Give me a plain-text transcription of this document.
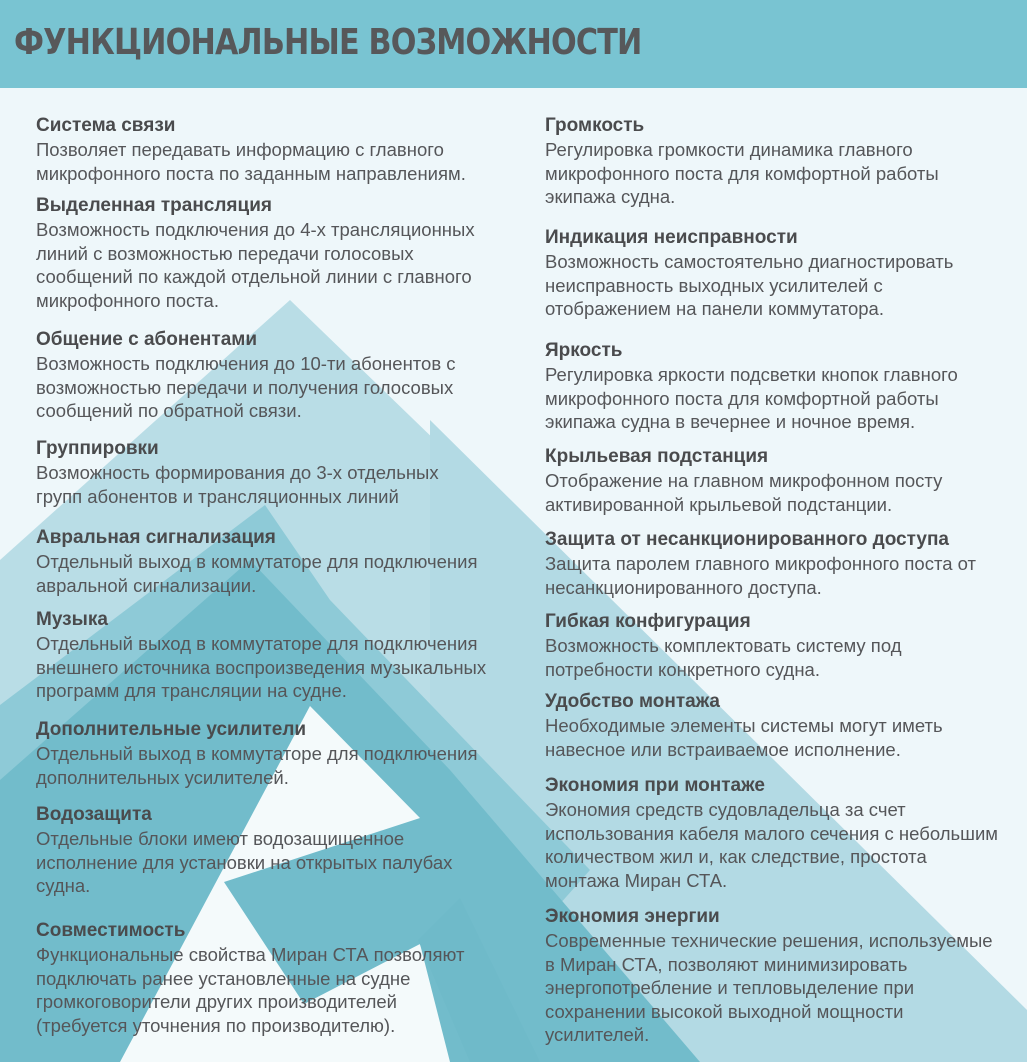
ФУНКЦИОНАЛЬНЫЕ ВОЗМОЖНОСТИ
Система связи
Позволяет передавать информацию с главного
микрофонного поста по заданным направлениям.
Выделенная трансляция
Возможность подключения до 4-х трансляционных
линий с возможностью передачи голосовых
сообщений по каждой отдельной линии с главного
микрофонного поста.
Общение с абонентами
Возможность подключения до 10-ти абонентов с
возможностью передачи и получения голосовых
сообщений по обратной связи.
Группировки
Возможность формирования до 3-х отдельных
групп абонентов и трансляционных линий
Авральная сигнализация
Отдельный выход в коммутаторе для подключения
авральной сигнализации.
Музыка
Отдельный выход в коммутаторе для подключения
внешнего источника воспроизведения музыкальных
программ для трансляции на судне.
Дополнительные усилители
Отдельный выход в коммутаторе для подключения
дополнительных усилителей.
Водозащита
Отдельные блоки имеют водозащищенное
исполнение для установки на открытых палубах
судна.
Совместимость
Функциональные свойства Миран СТА позволяют
подключать ранее установленные на судне
громкоговорители других производителей
(требуется уточнения по производителю).
Громкость
Регулировка громкости динамика главного
микрофонного поста для комфортной работы
экипажа судна.
Индикация неисправности
Возможность самостоятельно диагностировать
неисправность выходных усилителей с
отображением на панели коммутатора.
Яркость
Регулировка яркости подсветки кнопок главного
микрофонного поста для комфортной работы
экипажа судна в вечернее и ночное время.
Крыльевая подстанция
Отображение на главном микрофонном посту
активированной крыльевой подстанции.
Защита от несанкционированного доступа
Защита паролем главного микрофонного поста от
несанкционированного доступа.
Гибкая конфигурация
Возможность комплектовать систему под
потребности конкретного судна.
Удобство монтажа
Необходимые элементы системы могут иметь
навесное или встраиваемое исполнение.
Экономия при монтаже
Экономия средств судовладельца за счет
использования кабеля малого сечения с небольшим
количеством жил и, как следствие, простота
монтажа Миран СТА.
Экономия энергии
Современные технические решения, используемые
в Миран СТА, позволяют минимизировать
энергопотребление и тепловыделение при
сохранении высокой выходной мощности
усилителей.
